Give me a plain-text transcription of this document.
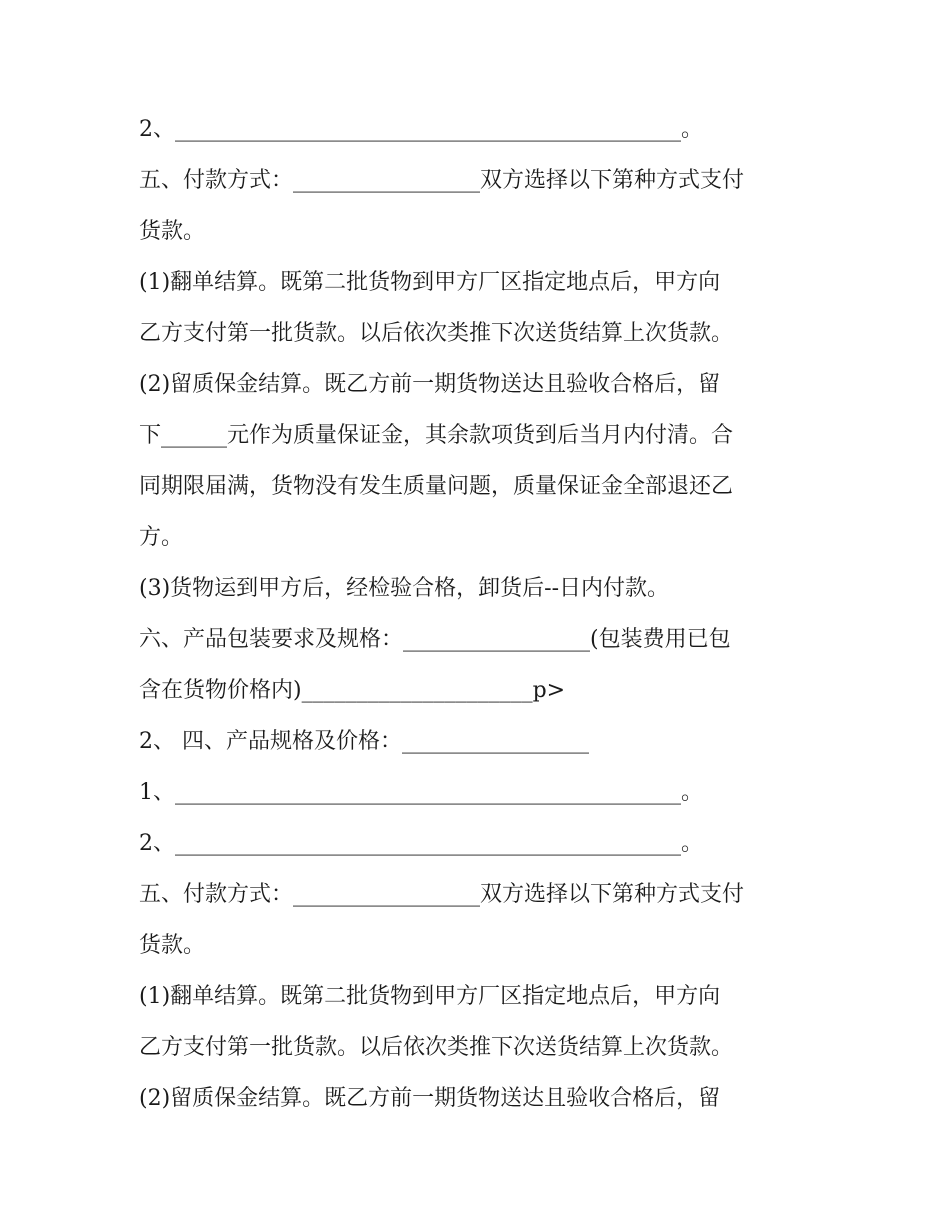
2、______________________________________________。
五、付款方式：_________________双方选择以下第种方式支付
货款。
(1)翻单结算。既第二批货物到甲方厂区指定地点后，甲方向
乙方支付第一批货款。以后依次类推下次送货结算上次货款。
(2)留质保金结算。既乙方前一期货物送达且验收合格后，留
下______元作为质量保证金，其余款项货到后当月内付清。合
同期限届满，货物没有发生质量问题，质量保证金全部退还乙
方。
(3)货物运到甲方后，经检验合格，卸货后--日内付款。
六、产品包装要求及规格：_________________(包装费用已包
含在货物价格内)_____________________p>
2、 四、产品规格及价格：_________________
1、______________________________________________。
2、______________________________________________。
五、付款方式：_________________双方选择以下第种方式支付
货款。
(1)翻单结算。既第二批货物到甲方厂区指定地点后，甲方向
乙方支付第一批货款。以后依次类推下次送货结算上次货款。
(2)留质保金结算。既乙方前一期货物送达且验收合格后，留
